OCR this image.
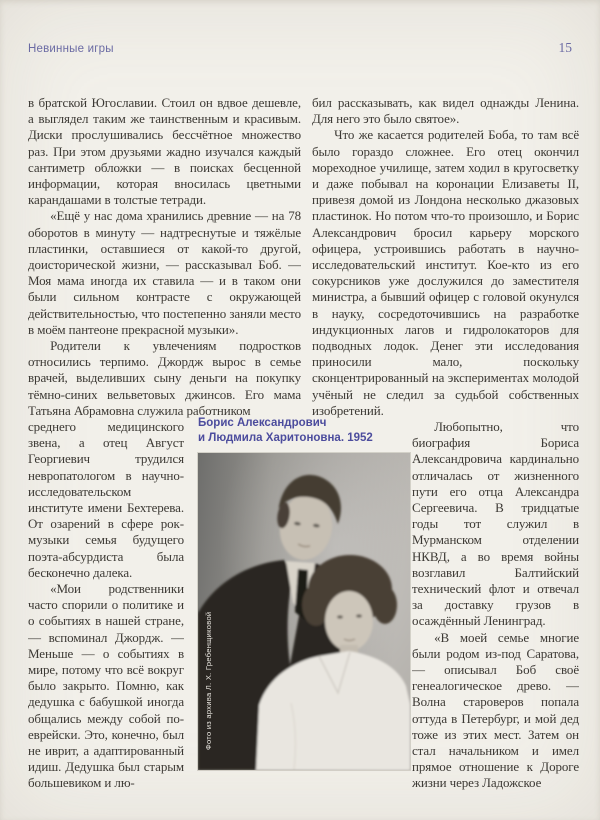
Невинные игры	15

в братской Югославии. Стоил он вдвое дешевле, а выглядел таким же таинственным и красивым. Диски прослушивались бессчётное множество раз. При этом друзьями жадно изучался каждый сантиметр обложки — в поисках бесценной информации, которая вносилась цветными карандашами в толстые тетради.

«Ещё у нас дома хранились древние — на 78 оборотов в минуту — надтреснутые и тяжёлые пластинки, оставшиеся от какой-то другой, доисторической жизни, — рассказывал Боб. — Моя мама иногда их ставила — и в таком они были сильном контрасте с окружающей действительностью, что постепенно заняли место в моём пантеоне прекрасной музыки».

Родители к увлечениям подростков относились терпимо. Джордж вырос в семье врачей, выделивших сыну деньги на покупку тёмно-синих вельветовых джинсов. Его мама Татьяна Абрамовна служила работником

бил рассказывать, как видел однажды Ленина. Для него это было святое».

Что же касается родителей Боба, то там всё было гораздо сложнее. Его отец окончил мореходное училище, затем ходил в кругосветку и даже побывал на коронации Елизаветы II, привезя домой из Лондона несколько джазовых пластинок. Но потом что-то произошло, и Борис Александрович бросил карьеру морского офицера, устроившись работать в научно-исследовательский институт. Кое-кто из его сокурсников уже дослужился до заместителя министра, а бывший офицер с головой окунулся в науку, сосредоточившись на разработке индукционных лагов и гидролокаторов для подводных лодок. Денег эти исследования приносили мало, поскольку сконцентрированный на экспериментах молодой учёный не следил за судьбой собственных изобретений.

среднего медицинского звена, а отец Август Георгиевич трудился невропатологом в научно-исследовательском институте имени Бехтерева. От озарений в сфере рок-музыки семья будущего поэта-абсурдиста была бесконечно далека.

«Мои родственники часто спорили о политике и о событиях в нашей стране, — вспоминал Джордж. — Меньше — о событиях в мире, потому что всё вокруг было закрыто. Помню, как дедушка с бабушкой иногда общались между собой по-еврейски. Это, конечно, был не иврит, а адаптированный идиш. Дедушка был старым большевиком и лю-

Любопытно, что биография Бориса Александровича кардинально отличалась от жизненного пути его отца Александра Сергеевича. В тридцатые годы тот служил в Мурманском отделении НКВД, а во время войны возглавил Балтийский технический флот и отвечал за доставку грузов в осаждённый Ленинград.

«В моей семье многие были родом из-под Саратова, — описывал Боб своё генеалогическое древо. — Волна староверов попала оттуда в Петербург, и мой дед тоже из этих мест. Затем он стал начальником и имел прямое отношение к Дороге жизни через Ладожское

Борис Александрович
и Людмила Харитоновна. 1952
Фото из архива Л. Х. Гребенщиковой
